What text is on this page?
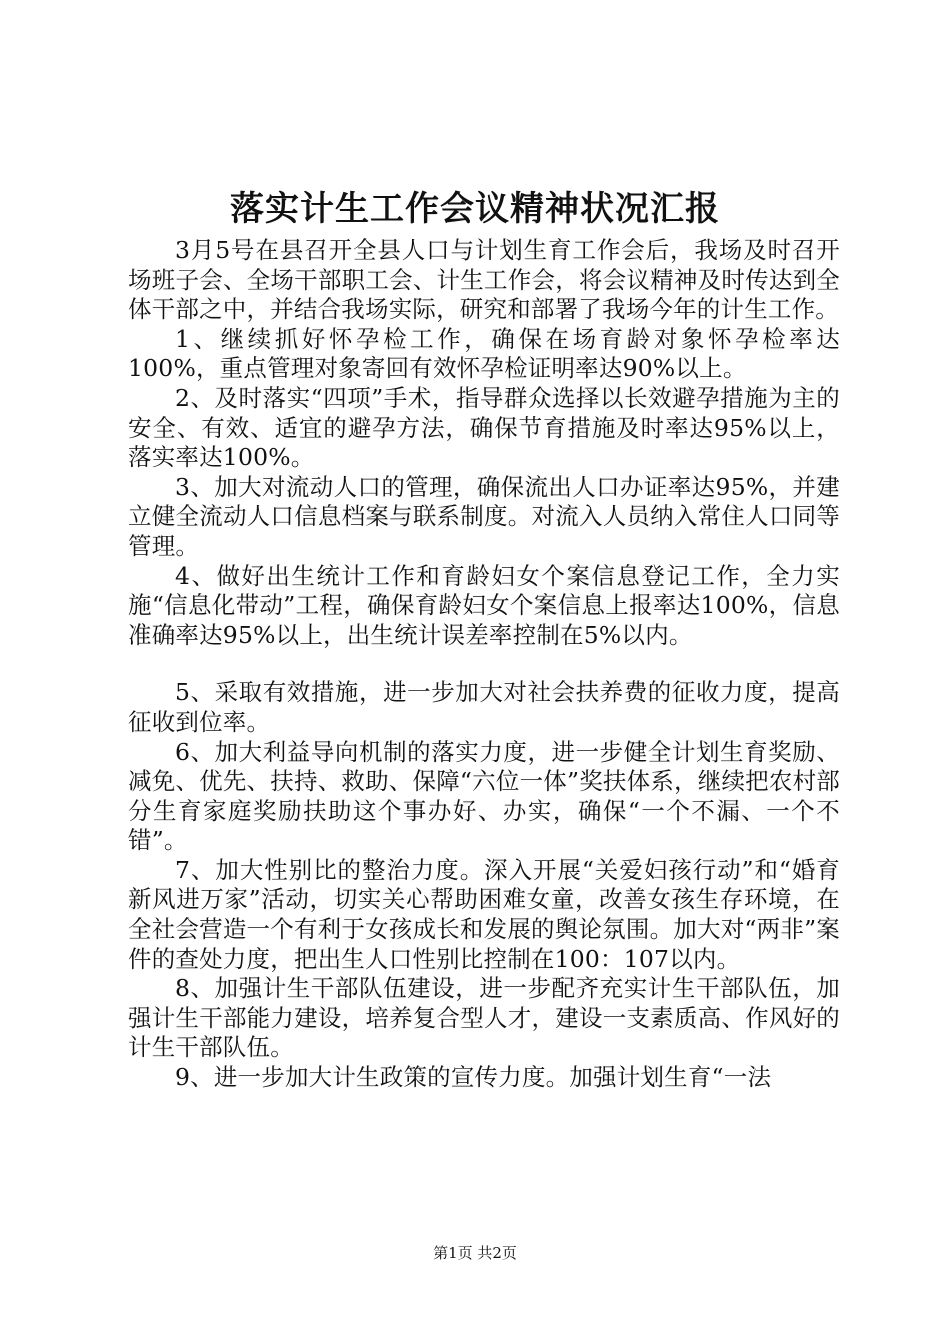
落实计生工作会议精神状况汇报

3月5号在县召开全县人口与计划生育工作会后，我场及时召开场班子会、全场干部职工会、计生工作会，将会议精神及时传达到全体干部之中，并结合我场实际，研究和部署了我场今年的计生工作。

1、继续抓好怀孕检工作，确保在场育龄对象怀孕检率达100%，重点管理对象寄回有效怀孕检证明率达90%以上。

2、及时落实“四项”手术，指导群众选择以长效避孕措施为主的安全、有效、适宜的避孕方法，确保节育措施及时率达95%以上，落实率达100%。

3、加大对流动人口的管理，确保流出人口办证率达95%，并建立健全流动人口信息档案与联系制度。对流入人员纳入常住人口同等管理。

4、做好出生统计工作和育龄妇女个案信息登记工作，全力实施“信息化带动”工程，确保育龄妇女个案信息上报率达100%，信息准确率达95%以上，出生统计误差率控制在5%以内。

5、采取有效措施，进一步加大对社会扶养费的征收力度，提高征收到位率。

6、加大利益导向机制的落实力度，进一步健全计划生育奖励、减免、优先、扶持、救助、保障“六位一体”奖扶体系，继续把农村部分生育家庭奖励扶助这个事办好、办实，确保“一个不漏、一个不错”。

7、加大性别比的整治力度。深入开展“关爱妇孩行动”和“婚育新风进万家”活动，切实关心帮助困难女童，改善女孩生存环境，在全社会营造一个有利于女孩成长和发展的舆论氛围。加大对“两非”案件的查处力度，把出生人口性别比控制在100：107以内。

8、加强计生干部队伍建设，进一步配齐充实计生干部队伍，加强计生干部能力建设，培养复合型人才，建设一支素质高、作风好的计生干部队伍。

9、进一步加大计生政策的宣传力度。加强计划生育“一法

第1页 共2页
